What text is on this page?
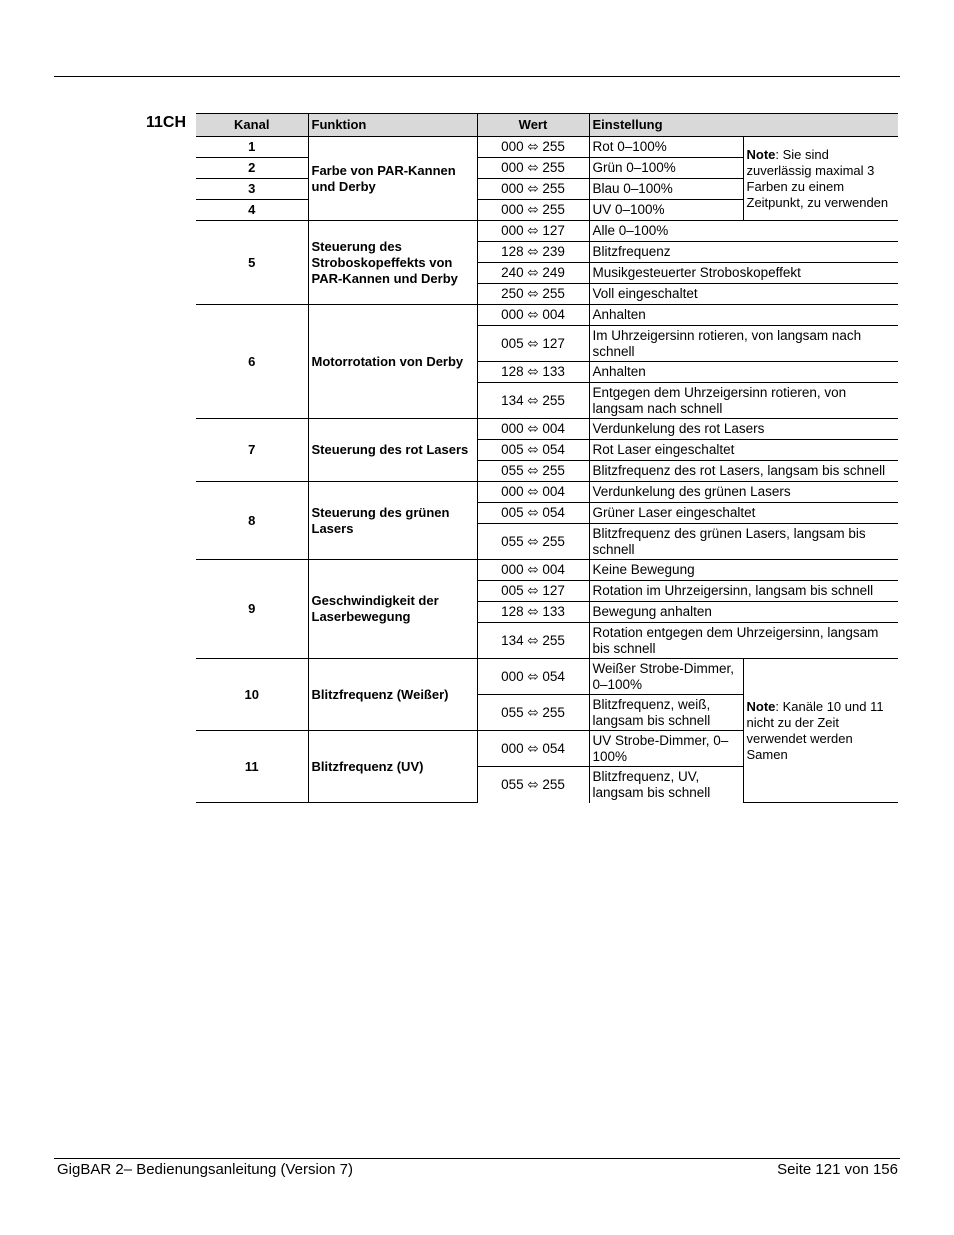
11CH	Kanal	Funktion	Wert	Einstellung	
1	Farbe von PAR-Kannen und Derby	000 ⬄ 255	Rot 0–100%	Note: Sie sind zuverlässig maximal 3 Farben zu einem Zeitpunkt, zu verwenden
2		000 ⬄ 255	Grün 0–100%	
3		000 ⬄ 255	Blau 0–100%	
4		000 ⬄ 255	UV 0–100%	
5	Steuerung des Stroboskopeffekts von PAR-Kannen und Derby	000 ⬄ 127	Alle 0–100%	
		128 ⬄ 239	Blitzfrequenz	
		240 ⬄ 249	Musikgesteuerter Stroboskopeffekt	
		250 ⬄ 255	Voll eingeschaltet	
6	Motorrotation von Derby	000 ⬄ 004	Anhalten	
		005 ⬄ 127	Im Uhrzeigersinn rotieren, von langsam nach schnell	
		128 ⬄ 133	Anhalten	
		134 ⬄ 255	Entgegen dem Uhrzeigersinn rotieren, von langsam nach schnell	
7	Steuerung des rot Lasers	000 ⬄ 004	Verdunkelung des rot Lasers	
		005 ⬄ 054	Rot Laser eingeschaltet	
		055 ⬄ 255	Blitzfrequenz des rot Lasers, langsam bis schnell	
8	Steuerung des grünen Lasers	000 ⬄ 004	Verdunkelung des grünen Lasers	
		005 ⬄ 054	Grüner Laser eingeschaltet	
		055 ⬄ 255	Blitzfrequenz des grünen Lasers, langsam bis schnell	
9	Geschwindigkeit der Laserbewegung	000 ⬄ 004	Keine Bewegung	
		005 ⬄ 127	Rotation im Uhrzeigersinn, langsam bis schnell	
		128 ⬄ 133	Bewegung anhalten	
		134 ⬄ 255	Rotation entgegen dem Uhrzeigersinn, langsam bis schnell	
10	Blitzfrequenz (Weißer)	000 ⬄ 054	Weißer Strobe-Dimmer, 0–100%	Note: Kanäle 10 und 11 nicht zu der Zeit verwendet werden Samen
		055 ⬄ 255	Blitzfrequenz, weiß, langsam bis schnell	
11	Blitzfrequenz (UV)	000 ⬄ 054	UV Strobe-Dimmer, 0–100%	
		055 ⬄ 255	Blitzfrequenz, UV, langsam bis schnell	
GigBAR 2– Bedienungsanleitung (Version 7)	Seite 121 von 156
